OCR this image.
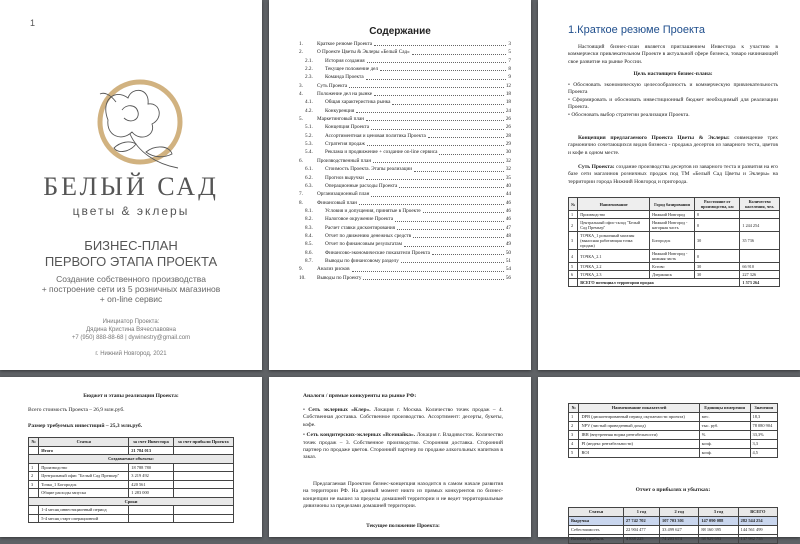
1
БЕЛЫЙ САД
цветы & эклеры
БИЗНЕС-ПЛАН
ПЕРВОГО ЭТАПА ПРОЕКТА
Создание собственного производства
+ построение сети из 5 розничных магазинов
+ on-line сервис
Инициатор Проекта:
Дядина Кристина Вячеславовна
+7 (950) 888-88-68 | dywinestry@gmail.com
г. Нижний Новгород, 2021
Содержание
1.	Краткое резюме Проекта	3
2.	О Проекте Цветы & Эклеры «Белый Сад»	5
2.1.	История создания	7
2.2.	Текущее положение дел	8
2.3.	Команда Проекта	9
3.	Суть Проекта	12
4.	Положение дел на рынке	18
4.1.	Общая характеристика рынка	18
4.2.	Конкуренция	24
5.	Маркетинговый план	26
5.1.	Концепция Проекта	26
5.2.	Ассортиментная и ценовая политика Проекта	28
5.3.	Стратегия продаж	29
5.4.	Реклама и продвижение + создание on-line сервиса	30
6.	Производственный план	32
6.1.	Стоимость Проекта. Этапы реализации	32
6.2.	Прогноз выручки	35
6.3.	Операционные расходы Проекта	40
7.	Организационный план	44
8.	Финансовый план	46
8.1.	Условия и допущения, принятые в Проекте	46
8.2.	Налоговое окружение Проекта	46
8.3.	Расчет ставки дисконтирования	47
8.4.	Отчет по движению денежных средств	48
8.5.	Отчет по финансовым результатам	49
8.6.	Финансово-экономические показатели Проекта	50
8.7.	Выводы по финансовому разделу	51
9.	Анализ рисков	54
10.	Выводы по Проекту	56
1.Краткое резюме Проекта
Настоящий бизнес-план является приглашением Инвестора к участию в коммерчески привлекательном Проекте в актуальной сфере бизнеса, товаро начинающей свое развитие на рынке России.
Цель настоящего бизнес-плана:
• Обосновать экономическую целесообразность и коммерческую привлекательность Проекта
• Сформировать и обосновать инвестиционный бюджет необходимый для реализации Проекта.
• Обосновать выбор стратегии реализации Проекта.
Концепция предлагаемого Проекта Цветы & Эклеры: совмещение трех гармонично сочетающихся видов бизнеса - продажа десертов из заварного теста, цветов и кофе в одном месте.
Суть Проекта: создание производства десертов из заварного теста и развития на его базе сети магазинов розничных продаж под ТМ «Белый Сад Цветы и Эклеры» на территории города Нижний Новгород и пригорода.
№	Наименование	Город базирования	Расстояние от производства, км	Количество населения, чел.
1	Производство	Нижний Новгород	0	
2	Центральный офис-склад "Белый Сад Премьер"	Нижний Новгород - нагорная часть	0	1 244 254
3	ТОЧКА_1 розничный магазин (выносная работающая точка продаж)	Богородск	30	35 736
4	ТОЧКА_2.1	Нижний Новгород - нижняя часть	0	
5	ТОЧКА_2.2	Кстово	30	66 910
6	ТОЧКА_2.3	Дзержинск	30	227 326
	ВСЕГО потенциал территории продаж			1 573 264
Бюджет и этапы реализации Проекта:
Всего стоимость Проекта – 26,9 млн.руб.
Размер требуемых инвестиций – 25,3 млн.руб.
№	Статья	за счет Инвестора	за счет прибыли Проекта
	Итого	21 784 013	
Создаваемые объекты:			
1	Производство	18 788 780	
2	Центральный офис "Белый Сад Премьер"	3 219 492	
3	Точка_1 Богородск	420 561	
	Общие расходы запуска	1 283 000	
Сроки			
	1-4 месяц инвестиционный период		
	5-4 месяц старт операционной		
Аналоги / прямые конкуренты на рынке РФ:
• Сеть эклерных «Клер». Локация г. Москва. Количество точек продаж – 4. Собственная доставка. Собственное производство. Ассортимент: десерты, букеты, кофе.
• Сеть кондитерских-эклерных «Всезнайка». Локация г. Владивосток. Количество точек продаж – 3. Собственное производство. Сторонняя доставка. Сторонний партнер по продаже цветов. Сторонний партнер по продаже алкогольных напитков в заказ.
Предлагаемая Проектом бизнес-концепция находится в самом начале развития на территории РФ. На данный момент никто из прямых конкурентов по бизнес-концепции не вышел за пределы домашней территории и не ведет территориальные дивизионы за пределами домашней территории.
Текущее положение Проекта:
№	Наименование показателей	Единицы измерения	Значения
1	DPB (дисконтированный период окупаемости проекта)	мес.	18,3
2	NPV (чистый приведенный доход)	тыс. руб.	78 080 904
3	IRR (внутренняя норма рентабельности)	%	33,3%
4	PI (индекс рентабельности)	коэф.	3,3
5	ROI	коэф.	4,5
Отчет о прибылях и убытках:
Статья	1 год	2 год	3 год	ВСЕГО
Выручка	27 742 702	107 703 301	147 090 088	282 544 254
Себестоимость	22 904 477	33 499 627	88 160 395	144 561 499
Валовая прибыль	4 838 225	74 203 674	58 929 693	137 982 755
